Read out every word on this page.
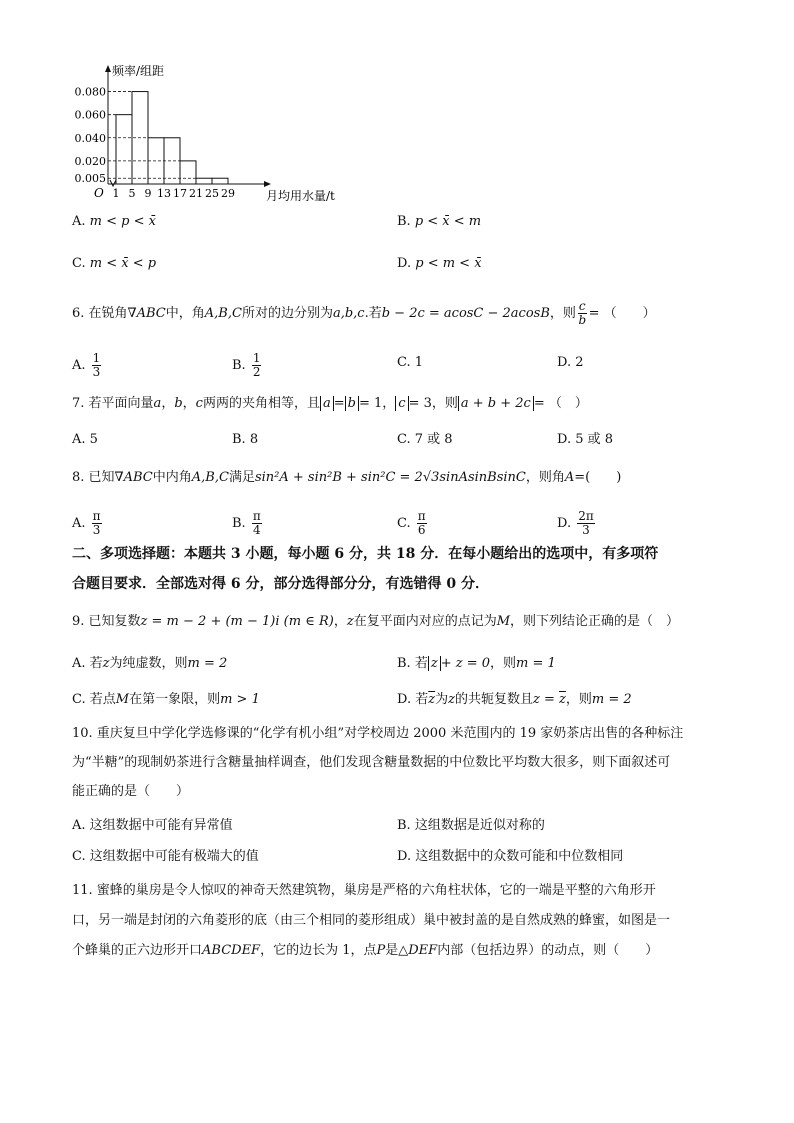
频率/组距
O	月均用水量/t
0.080
0.060
0.040
0.020
0.005
1 5 9 13 17 21 25 29
A. m < p < x̄	B. p < x̄ < m
C. m < x̄ < p	D. p < m < x̄
6. 在锐角∇ABC中，角A,B,C所对的边分别为a,b,c.若b − 2c = acosC − 2acosB，则 $\frac{c}{b}$ = （　　）
A. $\frac{1}{3}$	B. $\frac{1}{2}$	C. 1	D. 2
7. 若平面向量a，b，c两两的夹角相等，且 a = b = 1， c = 3，则 a + b + 2c = （　）
A. 5	B. 8	C. 7 或 8	D. 5 或 8
8. 已知∇ABC中内角A,B,C满足sin²A + sin²B + sin²C = 2√3sinAsinBsinC，则角A=(　　)
A. $\frac{\pi}{3}$	B. $\frac{\pi}{4}$	C. $\frac{\pi}{6}$	D. $\frac{2\pi}{3}$
二、多项选择题：本题共 3 小题，每小题 6 分，共 18 分．在每小题给出的选项中，有多项符
合题目要求．全部选对得 6 分，部分选得部分分，有选错得 0 分．
9. 已知复数z = m − 2 + (m − 1)i (m ∈ R)，z在复平面内对应的点记为M，则下列结论正确的是（　）
A. 若z为纯虚数，则m = 2	B. 若 z + z = 0，则m = 1
C. 若点M在第一象限，则m > 1	D. 若$\overline{z}$为z的共轭复数且$z = \overline{z}$，则m = 2
10. 重庆复旦中学化学选修课的“化学有机小组”对学校周边 2000 米范围内的 19 家奶茶店出售的各种标注
为“半糖”的现制奶茶进行含糖量抽样调查，他们发现含糖量数据的中位数比平均数大很多，则下面叙述可
能正确的是（　　）
A. 这组数据中可能有异常值	B. 这组数据是近似对称的
C. 这组数据中可能有极端大的值	D. 这组数据中的众数可能和中位数相同
11. 蜜蜂的巢房是令人惊叹的神奇天然建筑物，巢房是严格的六角柱状体，它的一端是平整的六角形开
口，另一端是封闭的六角菱形的底（由三个相同的菱形组成）巢中被封盖的是自然成熟的蜂蜜，如图是一
个蜂巢的正六边形开口ABCDEF，它的边长为 1，点P是△DEF内部（包括边界）的动点，则（　　）
